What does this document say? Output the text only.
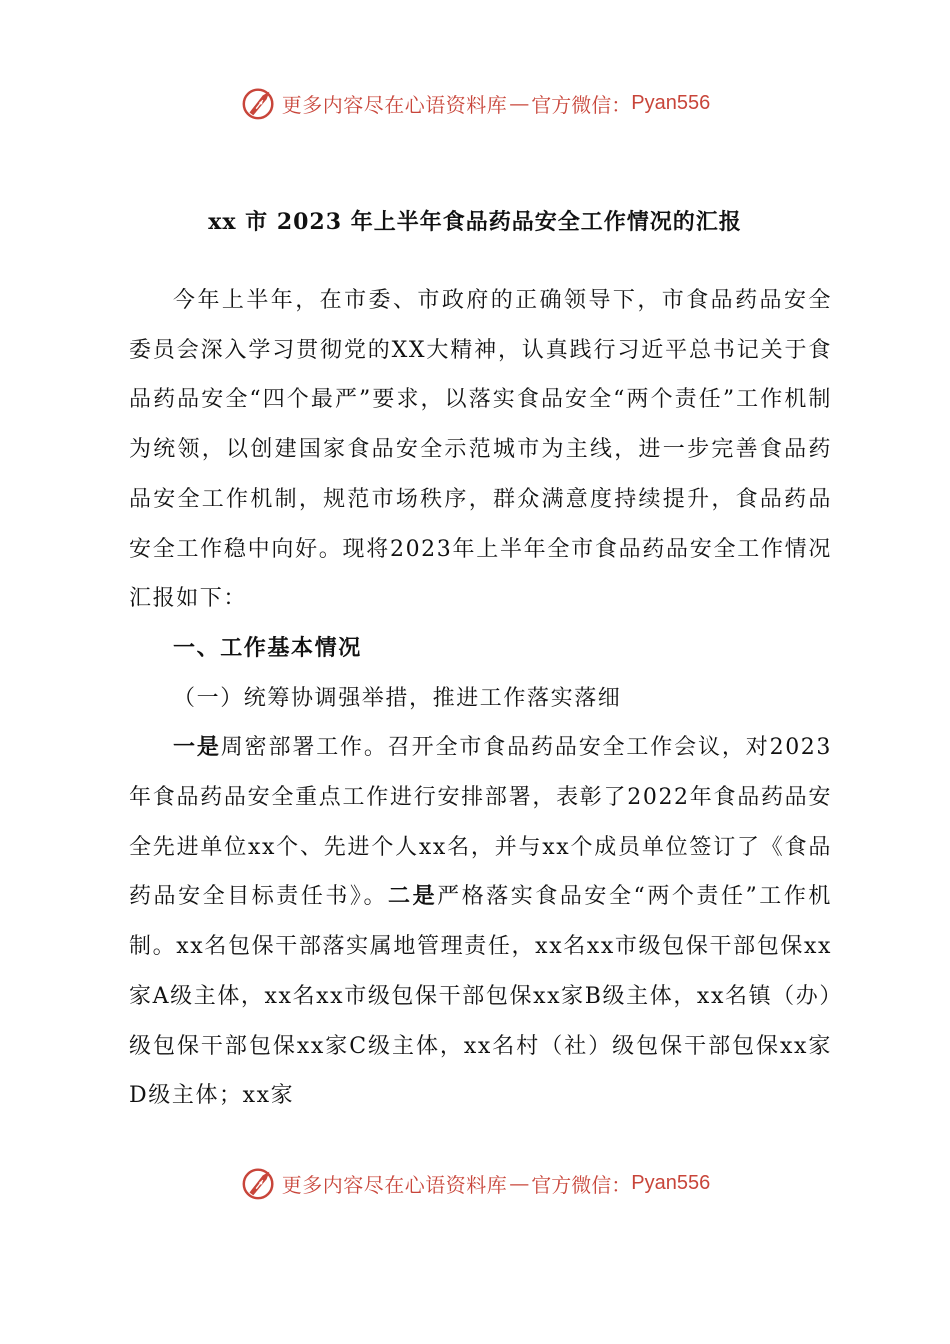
更多内容尽在心语资料库 — 官方微信： Pyan556
xx 市 2023 年上半年食品药品安全工作情况的汇报

今年上半年，在市委、市政府的正确领导下，市食品药品安全委员会深入学习贯彻党的XX大精神，认真践行习近平总书记关于食品药品安全“四个最严”要求，以落实食品安全“两个责任”工作机制为统领，以创建国家食品安全示范城市为主线，进一步完善食品药品安全工作机制，规范市场秩序，群众满意度持续提升，食品药品安全工作稳中向好。现将2023年上半年全市食品药品安全工作情况汇报如下：

一、工作基本情况

（一）统筹协调强举措，推进工作落实落细

一是周密部署工作。召开全市食品药品安全工作会议，对2023年食品药品安全重点工作进行安排部署，表彰了2022年食品药品安全先进单位xx个、先进个人xx名，并与xx个成员单位签订了《食品药品安全目标责任书》。二是严格落实食品安全“两个责任”工作机制。xx名包保干部落实属地管理责任，xx名xx市级包保干部包保xx家A级主体，xx名xx市级包保干部包保xx家B级主体，xx名镇（办）级包保干部包保xx家C级主体，xx名村（社）级包保干部包保xx家D级主体；xx家

更多内容尽在心语资料库 — 官方微信： Pyan556
